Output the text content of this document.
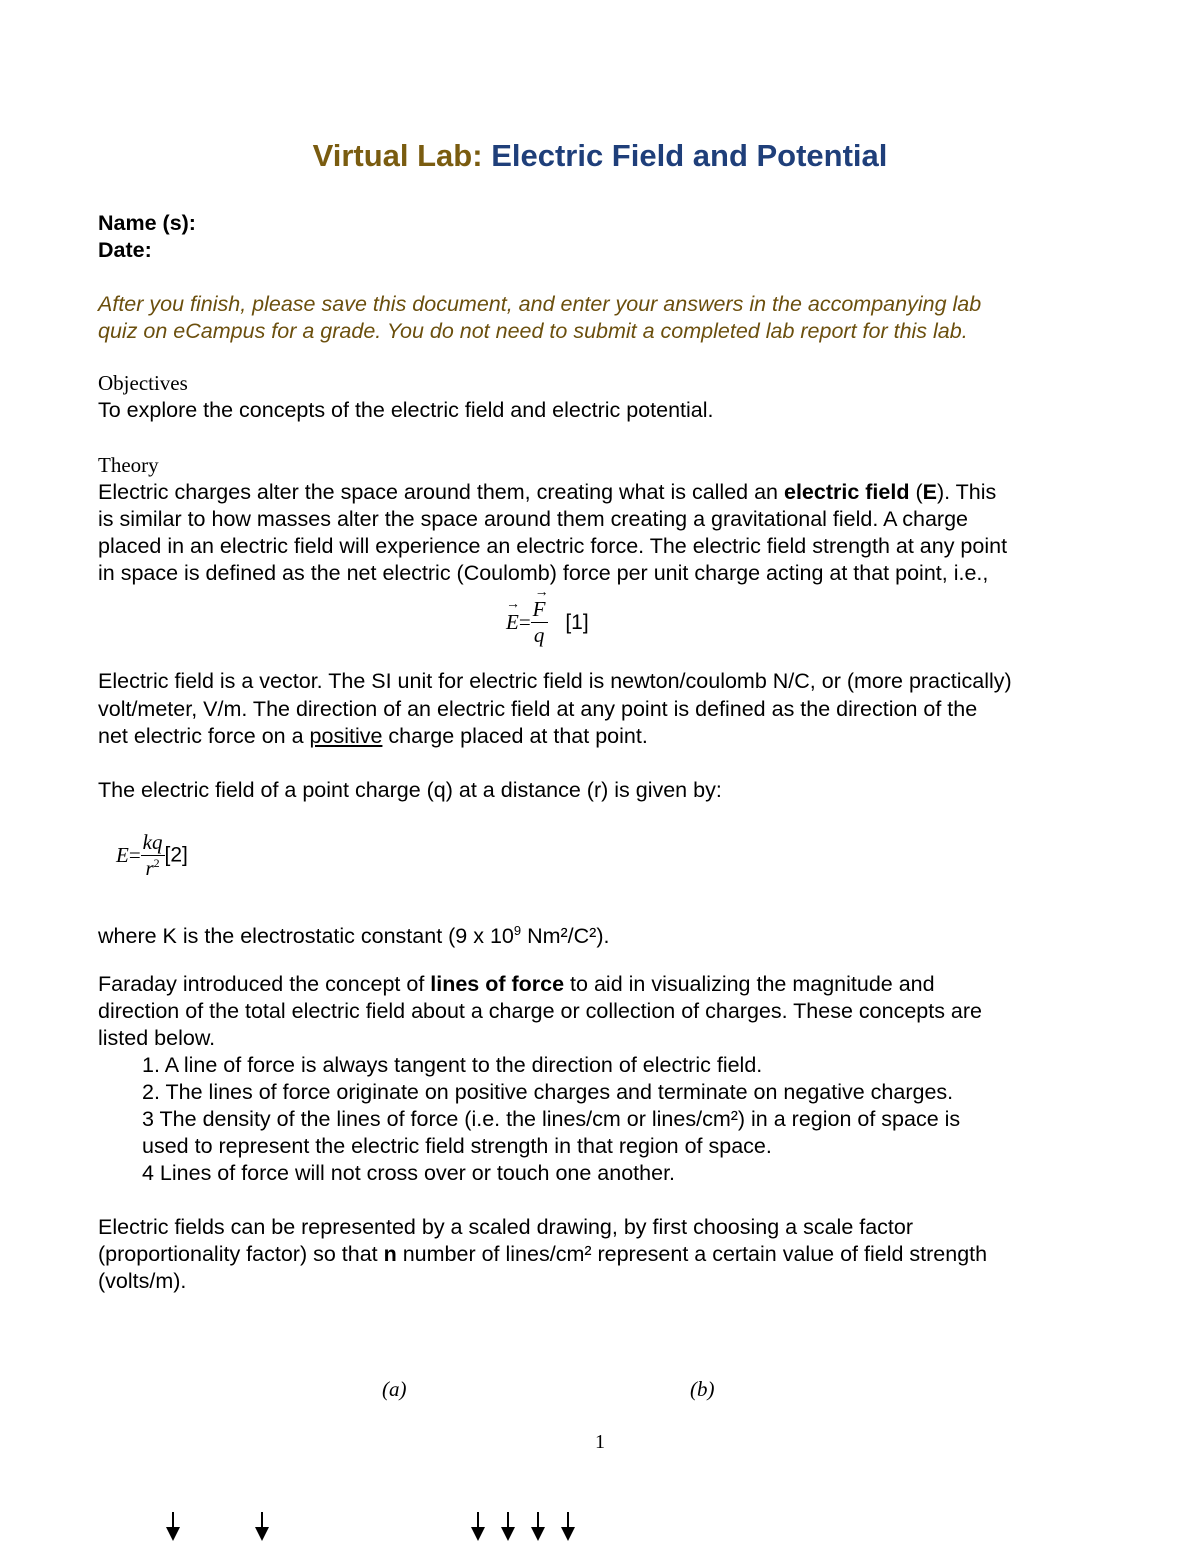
Virtual Lab: Electric Field and Potential
Name (s):
Date:
After you finish, please save this document, and enter your answers in the accompanying lab
quiz on eCampus for a grade. You do not need to submit a completed lab report for this lab.
Objectives
To explore the concepts of the electric field and electric potential.
Theory
Electric charges alter the space around them, creating what is called an electric field (E). This
is similar to how masses alter the space around them creating a gravitational field. A charge
placed in an electric field will experience an electric force. The electric field strength at any point
in space is defined as the net electric (Coulomb) force per unit charge acting at that point, i.e.,
→
E= →
F
q [1]
Electric field is a vector. The SI unit for electric field is newton/coulomb N/C, or (more practically)
volt/meter, V/m. The direction of an electric field at any point is defined as the direction of the
net electric force on a positive charge placed at that point.
The electric field of a point charge (q) at a distance (r) is given by:
$E= \frac{kq}{r^2} [2]$
where K is the electrostatic constant (9 x $10^9$ Nm²/C²).
Faraday introduced the concept of lines of force to aid in visualizing the magnitude and
direction of the total electric field about a charge or collection of charges. These concepts are
listed below.
1. A line of force is always tangent to the direction of electric field.
2. The lines of force originate on positive charges and terminate on negative charges.
3 The density of the lines of force (i.e. the lines/cm or lines/cm²) in a region of space is
used to represent the electric field strength in that region of space.
4 Lines of force will not cross over or touch one another.
Electric fields can be represented by a scaled drawing, by first choosing a scale factor
(proportionality factor) so that n number of lines/cm² represent a certain value of field strength
(volts/m).
(a)	(b)
1
